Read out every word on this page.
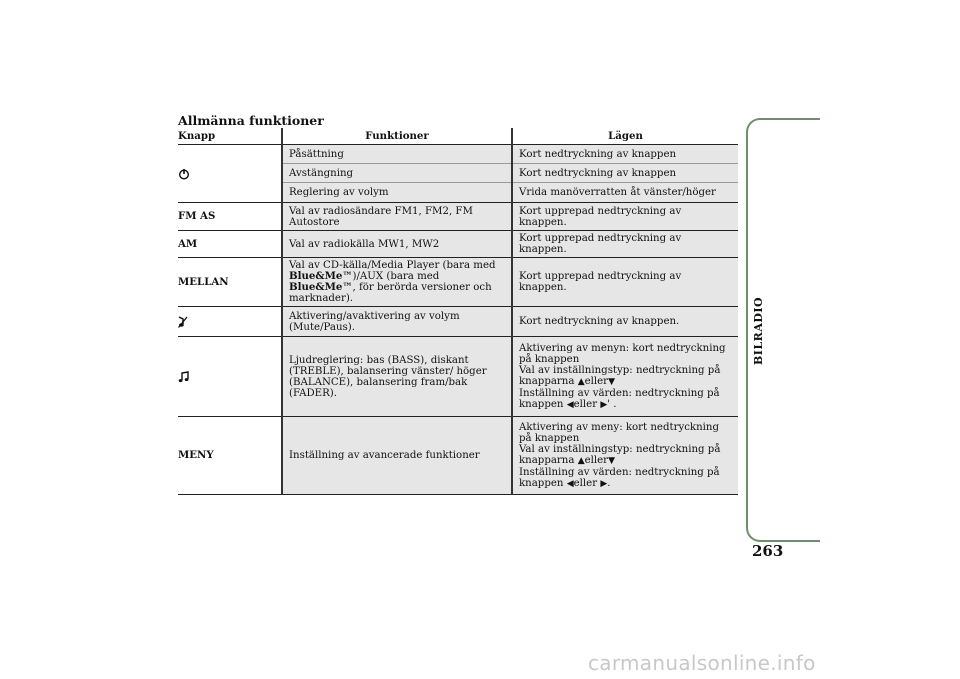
Allmänna funktioner
Knapp	Funktioner	Lägen
	Påsättning	Kort nedtryckning av knappen
	Avstängning	Kort nedtryckning av knappen
	Reglering av volym	Vrida manöverratten åt vänster/höger
FM AS	Val av radiosändare FM1, FM2, FM Autostore	Kort upprepad nedtryckning av knappen.
AM	Val av radiokälla MW1, MW2	Kort upprepad nedtryckning av knappen.
MELLAN	Val av CD-källa/Media Player (bara med Blue&Me™)/AUX (bara med Blue&Me™, för berörda versioner och marknader).	Kort upprepad nedtryckning av knappen.
	Aktivering/avaktivering av volym (Mute/Paus).	Kort nedtryckning av knappen.
	Ljudreglering: bas (BASS), diskant (TREBLE), balansering vänster/ höger (BALANCE), balansering fram/bak (FADER).	Aktivering av menyn: kort nedtryckning på knappen
Val av inställningstyp: nedtryckning på knapparna ▲eller▼
Inställning av värden: nedtryckning på knappen ◀eller ▶' .
MENY	Inställning av avancerade funktioner	Aktivering av meny: kort nedtryckning på knappen
Val av inställningstyp: nedtryckning på knapparna ▲eller▼
Inställning av värden: nedtryckning på knappen ◀eller ▶.
BILRADIO
263
carmanualsonline.info
